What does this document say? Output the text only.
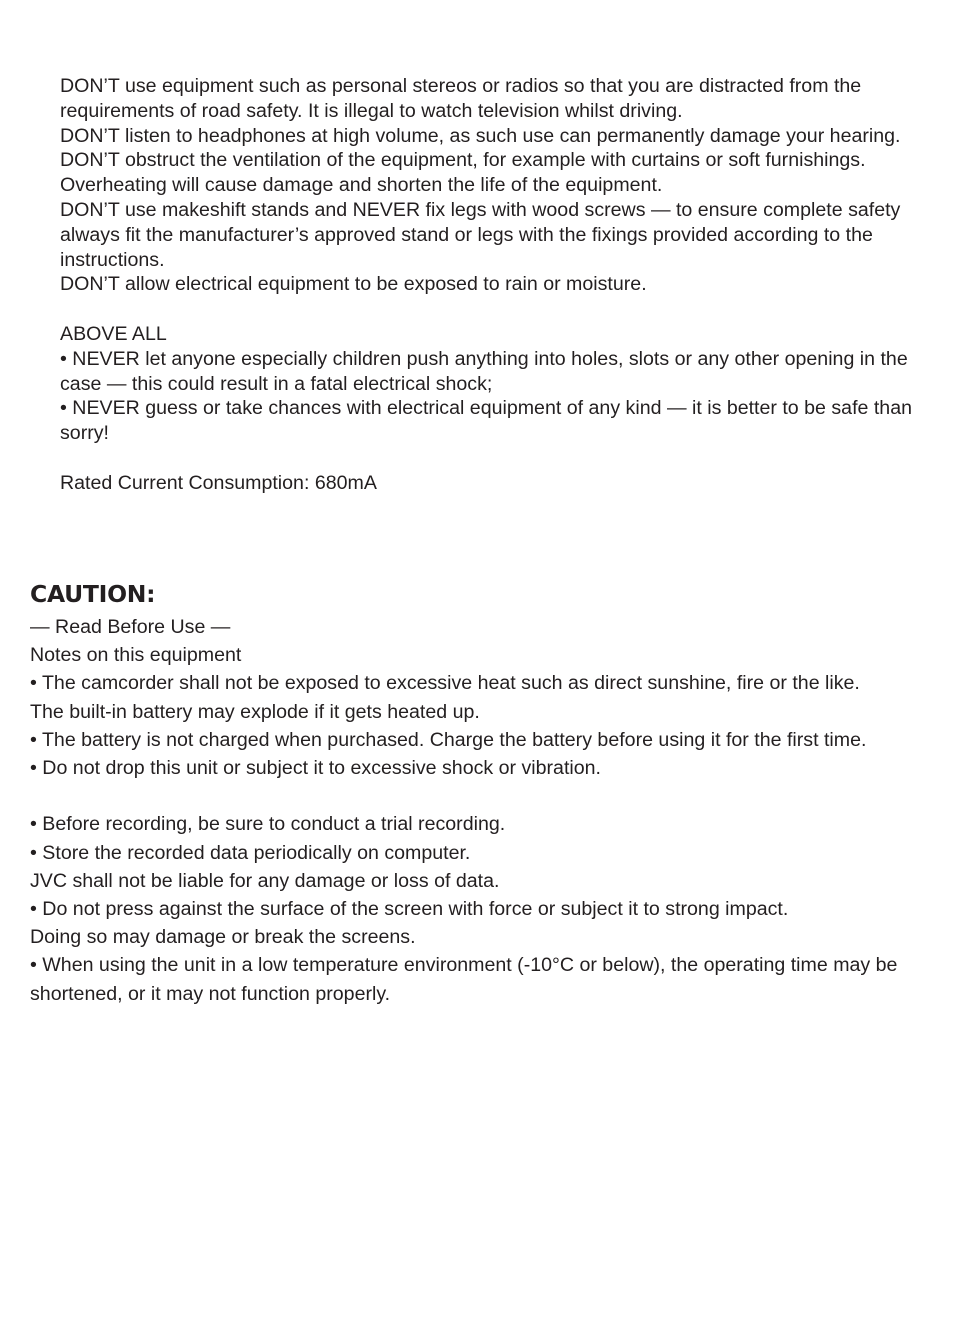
DON’T use equipment such as personal stereos or radios so that you are distracted from the requirements of road safety. It is illegal to watch television whilst driving.

DON’T listen to headphones at high volume, as such use can permanently damage your hearing.

DON’T obstruct the ventilation of the equipment, for example with curtains or soft furnishings. Overheating will cause damage and shorten the life of the equipment.

DON’T use makeshift stands and NEVER fix legs with wood screws — to ensure complete safety always fit the manufacturer’s approved stand or legs with the fixings provided according to the instructions.

DON’T allow electrical equipment to be exposed to rain or moisture.

ABOVE ALL

• NEVER let anyone especially children push anything into holes, slots or any other opening in the case — this could result in a fatal electrical shock;

• NEVER guess or take chances with electrical equipment of any kind — it is better to be safe than sorry!

Rated Current Consumption: 680mA

CAUTION:

— Read Before Use —

Notes on this equipment

• The camcorder shall not be exposed to excessive heat such as direct sunshine, fire or the like.

The built-in battery may explode if it gets heated up.

• The battery is not charged when purchased. Charge the battery before using it for the first time.

• Do not drop this unit or subject it to excessive shock or vibration.

• Before recording, be sure to conduct a trial recording.

• Store the recorded data periodically on computer.

JVC shall not be liable for any damage or loss of data.

• Do not press against the surface of the screen with force or subject it to strong impact.

Doing so may damage or break the screens.

• When using the unit in a low temperature environment (‑10°C or below), the operating time may be shortened, or it may not function properly.
